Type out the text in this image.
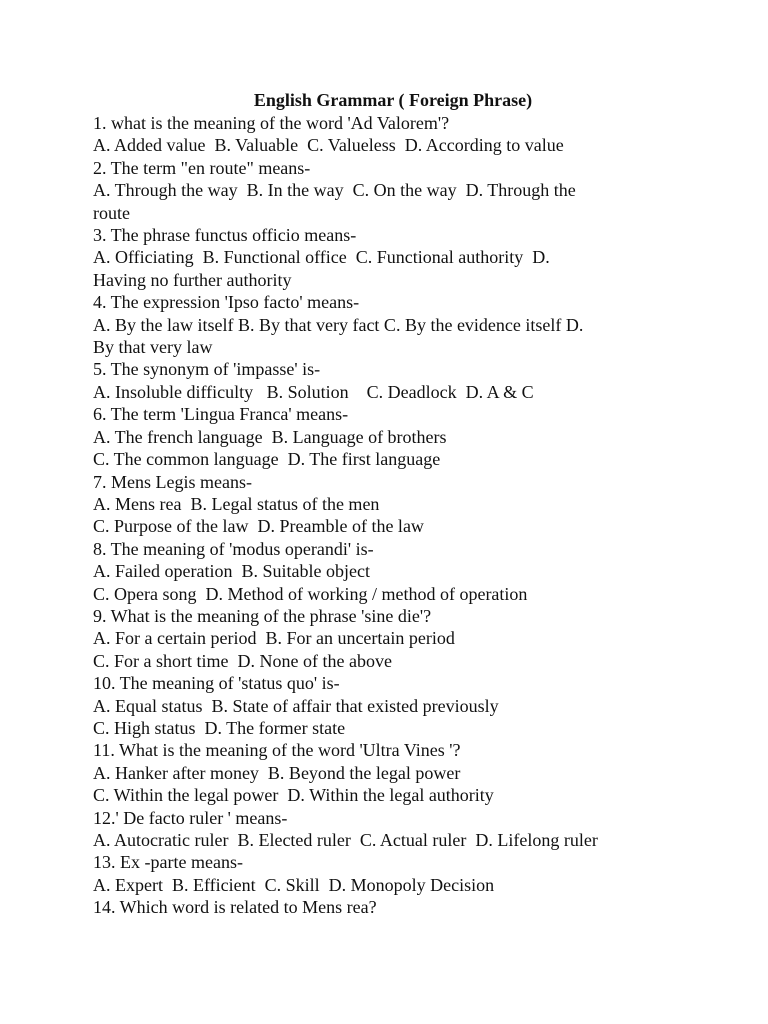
English Grammar ( Foreign Phrase)

1. what is the meaning of the word 'Ad Valorem'?

A. Added value  B. Valuable  C. Valueless  D. According to value

2. The term "en route" means-

A. Through the way  B. In the way  C. On the way  D. Through the

route

3. The phrase functus officio means-

A. Officiating  B. Functional office  C. Functional authority  D.

Having no further authority

4. The expression 'Ipso facto' means-

A. By the law itself B. By that very fact C. By the evidence itself D.

By that very law

5. The synonym of 'impasse' is-

A. Insoluble difficulty   B. Solution    C. Deadlock  D. A & C

6. The term 'Lingua Franca' means-

A. The french language  B. Language of brothers

C. The common language  D. The first language

7. Mens Legis means-

A. Mens rea  B. Legal status of the men

C. Purpose of the law  D. Preamble of the law

8. The meaning of 'modus operandi' is-

A. Failed operation  B. Suitable object

C. Opera song  D. Method of working / method of operation

9. What is the meaning of the phrase 'sine die'?

A. For a certain period  B. For an uncertain period

C. For a short time  D. None of the above

10. The meaning of 'status quo' is-

A. Equal status  B. State of affair that existed previously

C. High status  D. The former state

11. What is the meaning of the word 'Ultra Vines '?

A. Hanker after money  B. Beyond the legal power

C. Within the legal power  D. Within the legal authority

12.' De facto ruler ' means-

A. Autocratic ruler  B. Elected ruler  C. Actual ruler  D. Lifelong ruler

13. Ex -parte means-

A. Expert  B. Efficient  C. Skill  D. Monopoly Decision

14. Which word is related to Mens rea?
